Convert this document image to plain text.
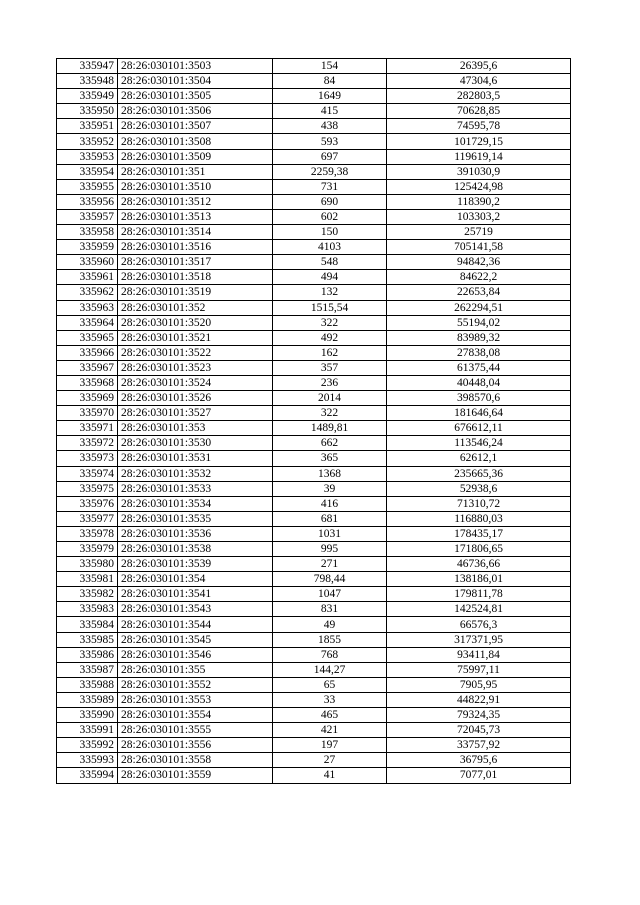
335947	28:26:030101:3503	154	26395,6
335948	28:26:030101:3504	84	47304,6
335949	28:26:030101:3505	1649	282803,5
335950	28:26:030101:3506	415	70628,85
335951	28:26:030101:3507	438	74595,78
335952	28:26:030101:3508	593	101729,15
335953	28:26:030101:3509	697	119619,14
335954	28:26:030101:351	2259,38	391030,9
335955	28:26:030101:3510	731	125424,98
335956	28:26:030101:3512	690	118390,2
335957	28:26:030101:3513	602	103303,2
335958	28:26:030101:3514	150	25719
335959	28:26:030101:3516	4103	705141,58
335960	28:26:030101:3517	548	94842,36
335961	28:26:030101:3518	494	84622,2
335962	28:26:030101:3519	132	22653,84
335963	28:26:030101:352	1515,54	262294,51
335964	28:26:030101:3520	322	55194,02
335965	28:26:030101:3521	492	83989,32
335966	28:26:030101:3522	162	27838,08
335967	28:26:030101:3523	357	61375,44
335968	28:26:030101:3524	236	40448,04
335969	28:26:030101:3526	2014	398570,6
335970	28:26:030101:3527	322	181646,64
335971	28:26:030101:353	1489,81	676612,11
335972	28:26:030101:3530	662	113546,24
335973	28:26:030101:3531	365	62612,1
335974	28:26:030101:3532	1368	235665,36
335975	28:26:030101:3533	39	52938,6
335976	28:26:030101:3534	416	71310,72
335977	28:26:030101:3535	681	116880,03
335978	28:26:030101:3536	1031	178435,17
335979	28:26:030101:3538	995	171806,65
335980	28:26:030101:3539	271	46736,66
335981	28:26:030101:354	798,44	138186,01
335982	28:26:030101:3541	1047	179811,78
335983	28:26:030101:3543	831	142524,81
335984	28:26:030101:3544	49	66576,3
335985	28:26:030101:3545	1855	317371,95
335986	28:26:030101:3546	768	93411,84
335987	28:26:030101:355	144,27	75997,11
335988	28:26:030101:3552	65	7905,95
335989	28:26:030101:3553	33	44822,91
335990	28:26:030101:3554	465	79324,35
335991	28:26:030101:3555	421	72045,73
335992	28:26:030101:3556	197	33757,92
335993	28:26:030101:3558	27	36795,6
335994	28:26:030101:3559	41	7077,01
